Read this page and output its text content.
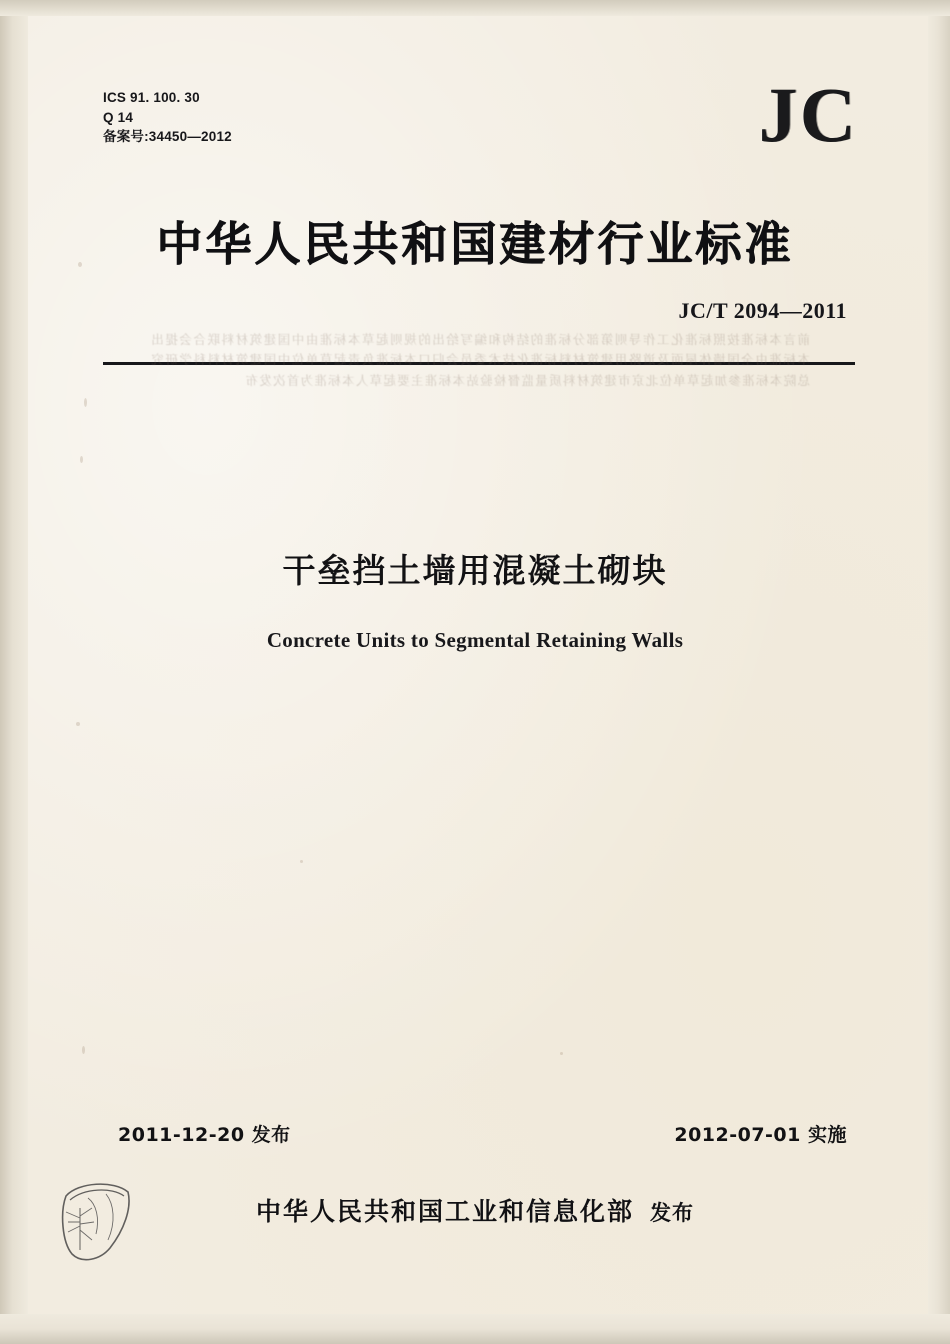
ICS 91. 100. 30
Q 14
备案号:34450—2012	JC
中华人民共和国建材行业标准
JC/T 2094—2011
前言本标准按照标准化工作导则第部分标准的结构和编写给出的规则起草本标准由中国建筑材料联合会提出本标准由全国墙体屋面及道路用建筑材料标准化技术委员会归口本标准负责起草单位中国建筑材料科学研究总院本标准参加起草单位北京市建筑材料质量监督检验站本标准主要起草人本标准为首次发布
干垒挡土墙用混凝土砌块
Concrete Units to Segmental Retaining Walls
2011-12-20 发布	2012-07-01 实施
中华人民共和国工业和信息化部 发布
